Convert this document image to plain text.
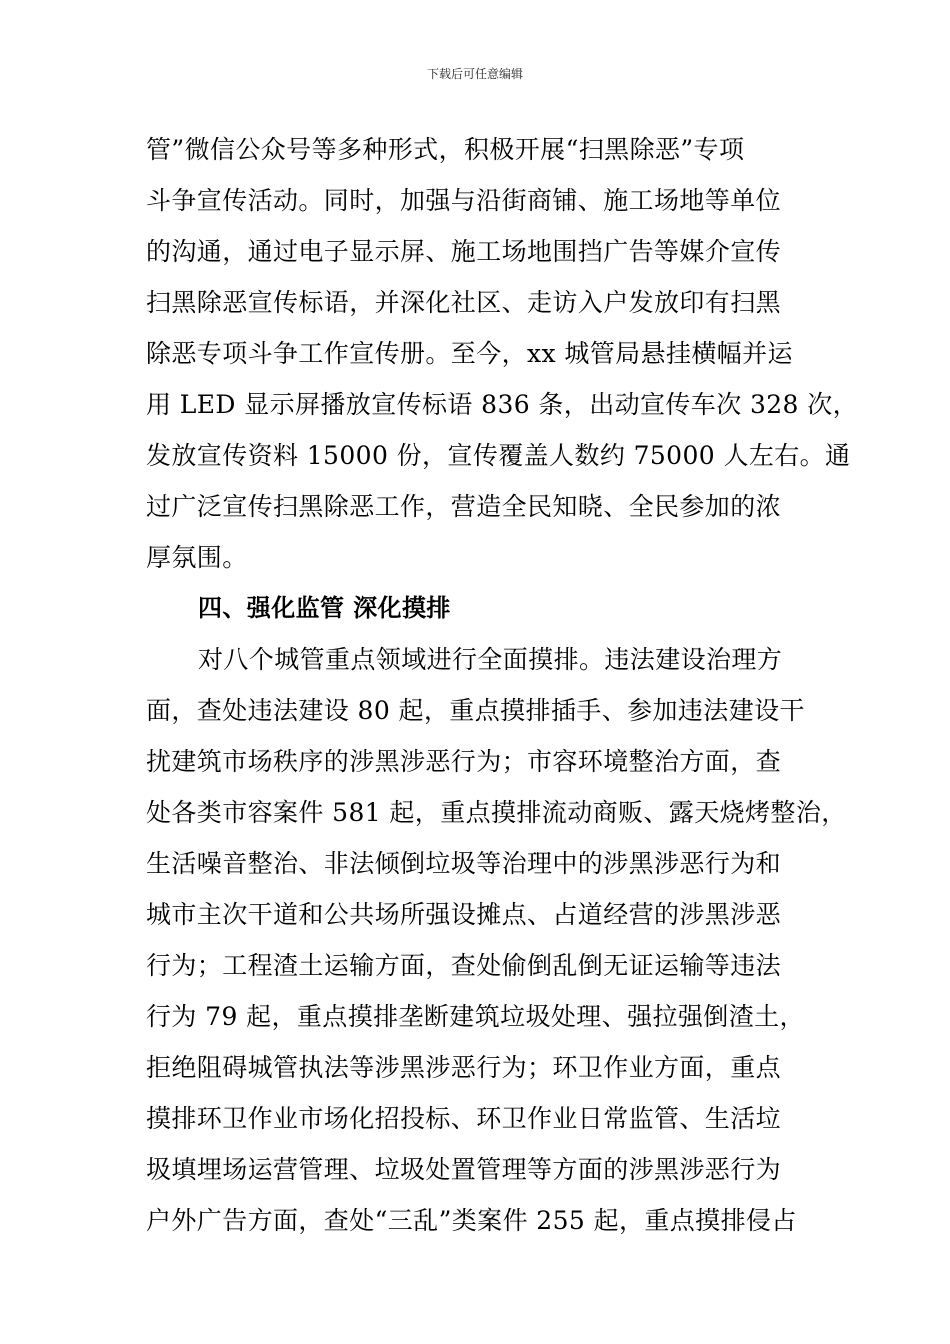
下载后可任意编辑
管”微信公众号等多种形式，积极开展“扫黑除恶”专项
斗争宣传活动。同时，加强与沿街商铺、施工场地等单位
的沟通，通过电子显示屏、施工场地围挡广告等媒介宣传
扫黑除恶宣传标语，并深化社区、走访入户发放印有扫黑
除恶专项斗争工作宣传册。至今，xx 城管局悬挂横幅并运
用 LED 显示屏播放宣传标语 836 条，出动宣传车次 328 次，
发放宣传资料 15000 份，宣传覆盖人数约 75000 人左右。通
过广泛宣传扫黑除恶工作，营造全民知晓、全民参加的浓
厚氛围。
四、强化监管 深化摸排
对八个城管重点领域进行全面摸排。违法建设治理方
面，查处违法建设 80 起，重点摸排插手、参加违法建设干
扰建筑市场秩序的涉黑涉恶行为；市容环境整治方面，查
处各类市容案件 581 起，重点摸排流动商贩、露天烧烤整治，
生活噪音整治、非法倾倒垃圾等治理中的涉黑涉恶行为和
城市主次干道和公共场所强设摊点、占道经营的涉黑涉恶
行为；工程渣土运输方面，查处偷倒乱倒无证运输等违法
行为 79 起，重点摸排垄断建筑垃圾处理、强拉强倒渣土，
拒绝阻碍城管执法等涉黑涉恶行为；环卫作业方面，重点
摸排环卫作业市场化招投标、环卫作业日常监管、生活垃
圾填埋场运营管理、垃圾处置管理等方面的涉黑涉恶行为
户外广告方面，查处“三乱”类案件 255 起，重点摸排侵占
